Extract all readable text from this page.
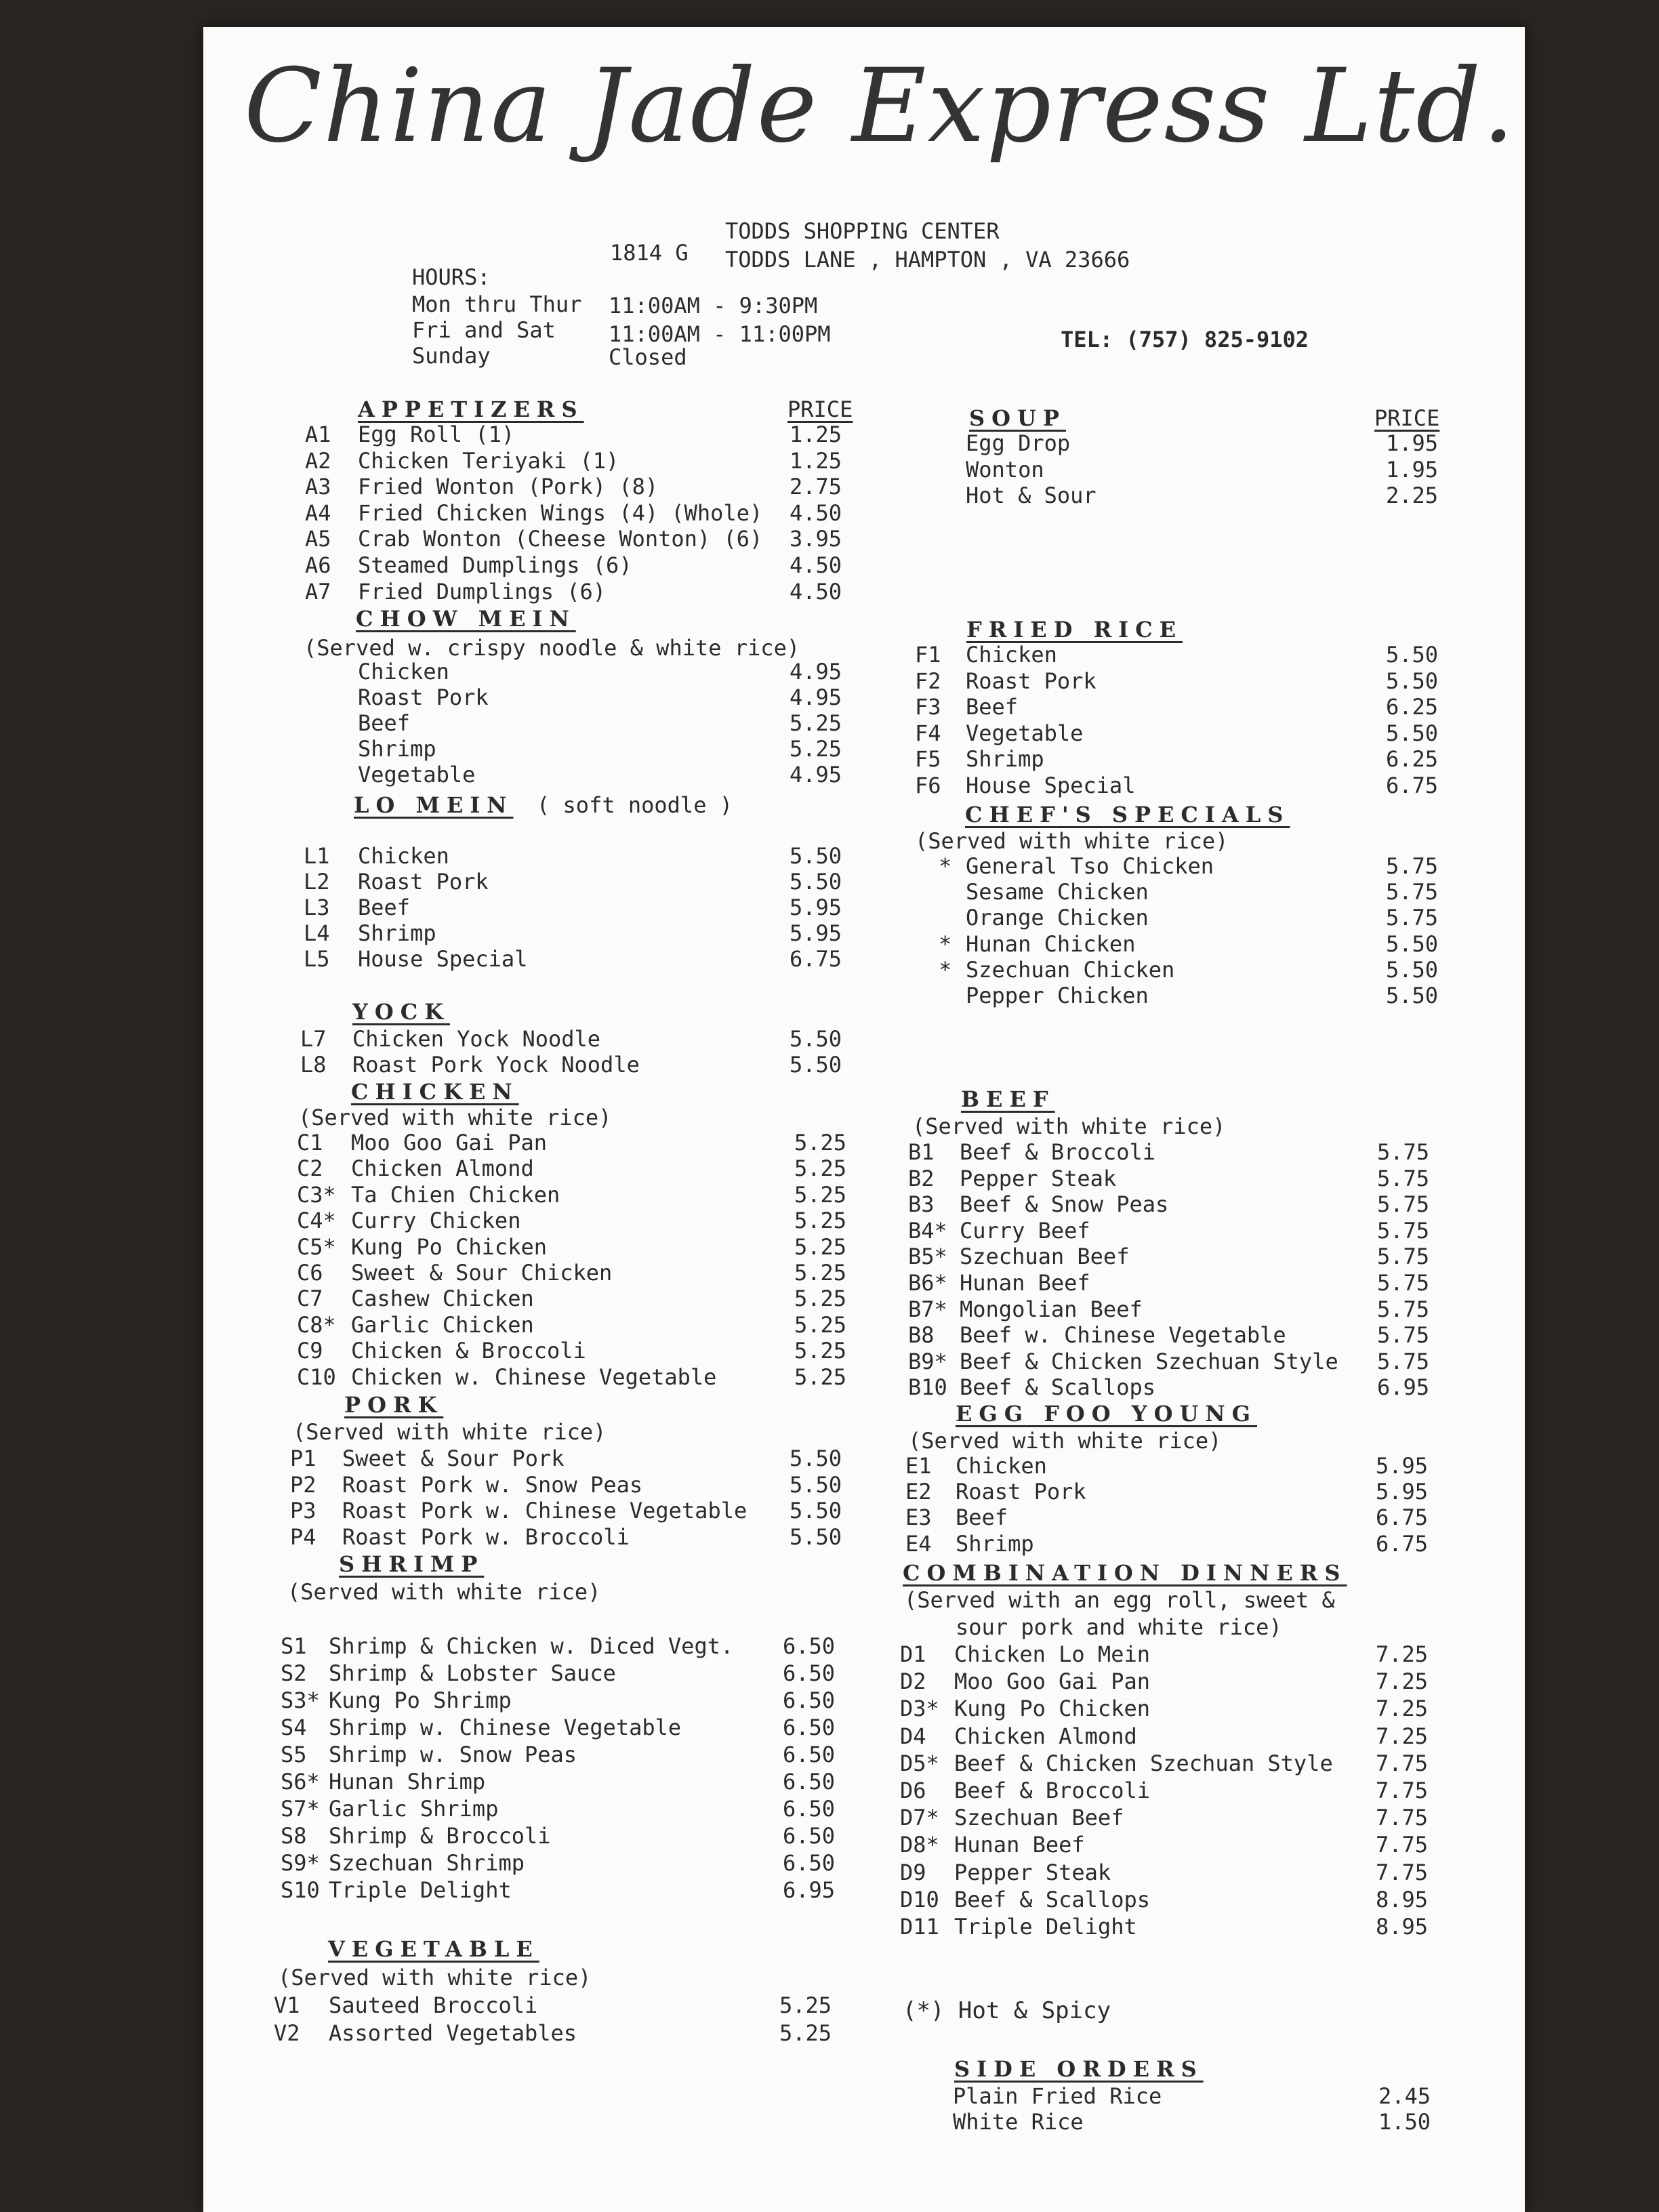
China Jade Express Ltd.
TODDS SHOPPING CENTER
1814 G TODDS LANE , HAMPTON , VA 23666
HOURS:
Mon thru Thur 11:00AM - 9:30PM
Fri and Sat 11:00AM - 11:00PM
Sunday	Closed
TEL: (757) 825-9102
(*) Hot & Spicy
APPETIZERS	PRICE
A1 Egg Roll (1)	1.25
A2 Chicken Teriyaki (1)	1.25
A3 Fried Wonton (Pork) (8)	2.75
A4 Fried Chicken Wings (4) (Whole) 4.50
A5 Crab Wonton (Cheese Wonton) (6) 3.95
A6 Steamed Dumplings (6)	4.50
A7 Fried Dumplings (6)	4.50
CHOW MEIN
(Served w. crispy noodle & white rice)
Chicken	4.95
Roast Pork	4.95
Beef	5.25
Shrimp	5.25
Vegetable	4.95
LO MEIN ( soft noodle )
L1 Chicken	5.50
L2 Roast Pork	5.50
L3 Beef	5.95
L4 Shrimp	5.95
L5 House Special	6.75
YOCK
L7 Chicken Yock Noodle	5.50
L8 Roast Pork Yock Noodle	5.50
CHICKEN
(Served with white rice)
C1 Moo Goo Gai Pan	5.25
C2 Chicken Almond	5.25
C3* Ta Chien Chicken	5.25
C4* Curry Chicken	5.25
C5* Kung Po Chicken	5.25
C6 Sweet & Sour Chicken	5.25
C7 Cashew Chicken	5.25
C8* Garlic Chicken	5.25
C9 Chicken & Broccoli	5.25
C10 Chicken w. Chinese Vegetable	5.25
PORK
(Served with white rice)
P1 Sweet & Sour Pork	5.50
P2 Roast Pork w. Snow Peas	5.50
P3 Roast Pork w. Chinese Vegetable 5.50
P4 Roast Pork w. Broccoli	5.50
SHRIMP
(Served with white rice)
S1 Shrimp & Chicken w. Diced Vegt. 6.50
S2 Shrimp & Lobster Sauce	6.50
S3* Kung Po Shrimp	6.50
S4 Shrimp w. Chinese Vegetable	6.50
S5 Shrimp w. Snow Peas	6.50
S6* Hunan Shrimp	6.50
S7* Garlic Shrimp	6.50
S8 Shrimp & Broccoli	6.50
S9* Szechuan Shrimp	6.50
S10 Triple Delight	6.95
VEGETABLE
(Served with white rice)
V1 Sauteed Broccoli	5.25
V2 Assorted Vegetables	5.25
SOUP	PRICE
Egg Drop	1.95
Wonton	1.95
Hot & Sour	2.25
FRIED RICE
F1 Chicken	5.50
F2 Roast Pork	5.50
F3 Beef	6.25
F4 Vegetable	5.50
F5 Shrimp	6.25
F6 House Special	6.75
CHEF'S SPECIALS
(Served with white rice)
* General Tso Chicken	5.75
Sesame Chicken	5.75
Orange Chicken	5.75
* Hunan Chicken	5.50
* Szechuan Chicken	5.50
Pepper Chicken	5.50
BEEF
(Served with white rice)
B1 Beef & Broccoli	5.75
B2 Pepper Steak	5.75
B3 Beef & Snow Peas	5.75
B4* Curry Beef	5.75
B5* Szechuan Beef	5.75
B6* Hunan Beef	5.75
B7* Mongolian Beef	5.75
B8 Beef w. Chinese Vegetable	5.75
B9* Beef & Chicken Szechuan Style 5.75
B10 Beef & Scallops	6.95
EGG FOO YOUNG
(Served with white rice)
E1 Chicken	5.95
E2 Roast Pork	5.95
E3 Beef	6.75
E4 Shrimp	6.75
COMBINATION DINNERS
(Served with an egg roll, sweet &
sour pork and white rice)
D1 Chicken Lo Mein	7.25
D2 Moo Goo Gai Pan	7.25
D3* Kung Po Chicken	7.25
D4 Chicken Almond	7.25
D5* Beef & Chicken Szechuan Style 7.75
D6 Beef & Broccoli	7.75
D7* Szechuan Beef	7.75
D8* Hunan Beef	7.75
D9 Pepper Steak	7.75
D10 Beef & Scallops	8.95
D11 Triple Delight	8.95
SIDE ORDERS
Plain Fried Rice	2.45
White Rice	1.50
